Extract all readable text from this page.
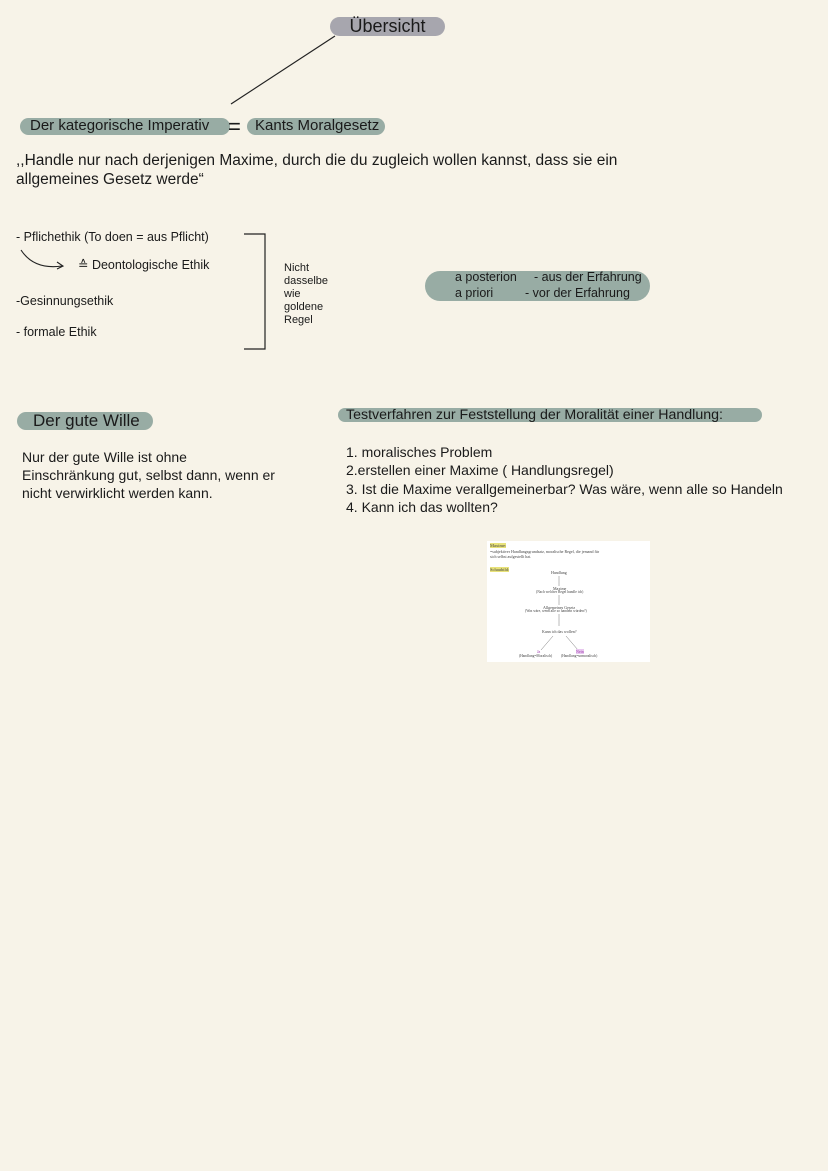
Übersicht
Der kategorische Imperativ = Kants Moralgesetz
,,Handle nur nach derjenigen Maxime, durch die du zugleich wollen kannst, dass sie ein
allgemeines Gesetz werde“
- Pflichethik (To doen = aus Pflicht)
≙ Deontologische Ethik
-Gesinnungsethik
- formale Ethik
Nicht
dasselbe
wie
goldene
Regel
a posterion - aus der Erfahrung
a priori	- vor der Erfahrung
Der gute Wille
Nur der gute Wille ist ohne
Einschränkung gut, selbst dann, wenn er
nicht verwirklicht werden kann.
Testverfahren zur Feststellung der Moralität einer Handlung:
1. moralisches Problem
2.erstellen einer Maxime ( Handlungsregel)
3. Ist die Maxime verallgemeinerbar? Was wäre, wenn alle so Handeln
4. Kann ich das wollten?
Maxime:
=subjektiver Handlungsgrundsatz, moralische Regel, die jemand für
sich selbst aufgestellt hat.
Schaubild:
Handlung
Maxime
(Nach welcher Regel handle ich)
Allgemeines Gesetz
(Was wäre, wenn alle so handeln würden?)
Kann ich das wollen?
Ja	Nein
(Handlung=Moralisch) (Handlung=unmoralisch)
